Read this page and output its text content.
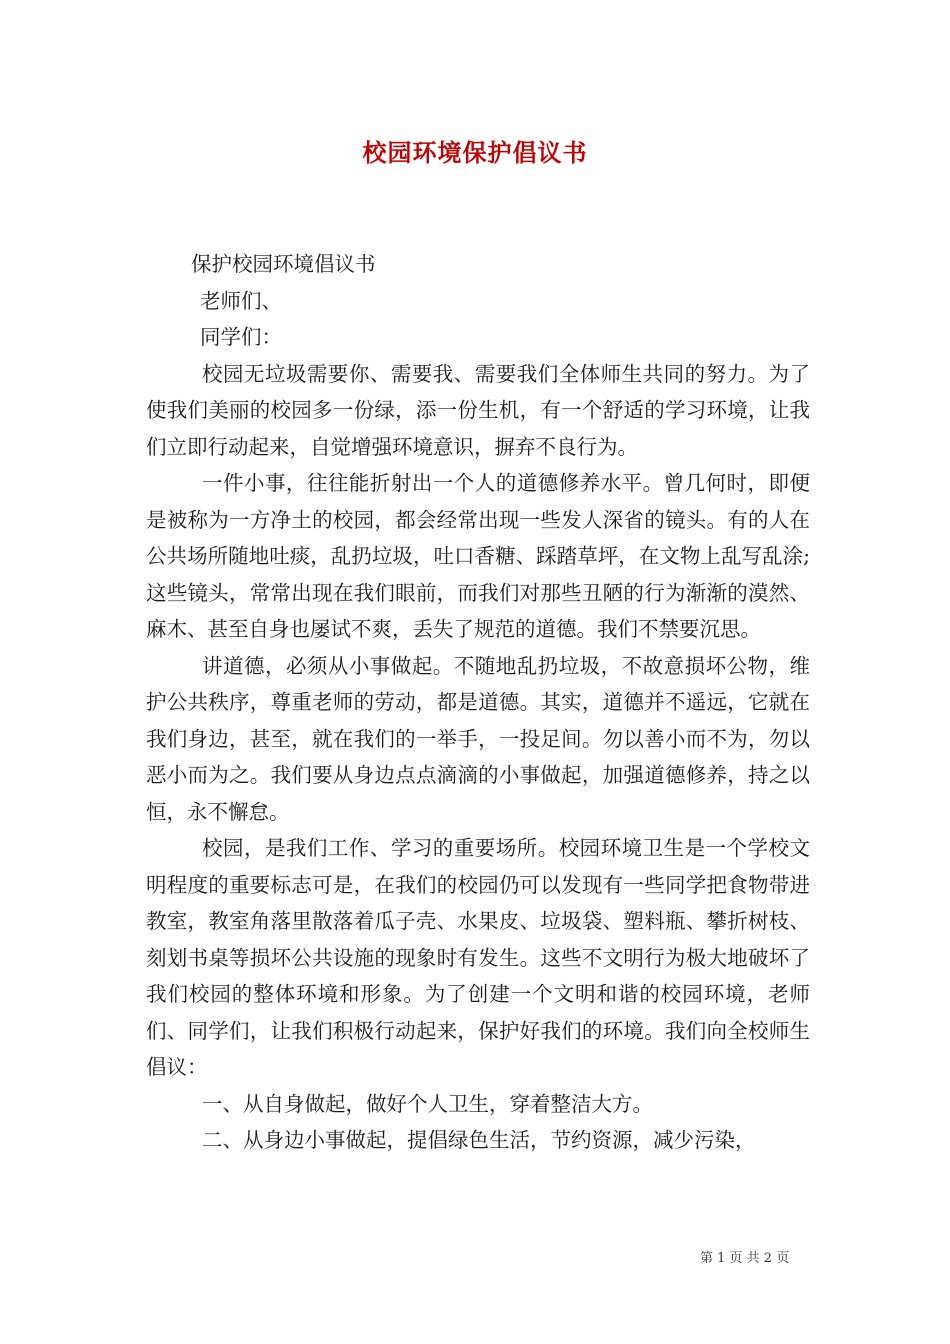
校园环境保护倡议书

保护校园环境倡议书

老师们、

同学们：

校园无垃圾需要你、需要我、需要我们全体师生共同的努力。为了使我们美丽的校园多一份绿，添一份生机，有一个舒适的学习环境，让我们立即行动起来，自觉增强环境意识，摒弃不良行为。

一件小事，往往能折射出一个人的道德修养水平。曾几何时，即便是被称为一方净土的校园，都会经常出现一些发人深省的镜头。有的人在公共场所随地吐痰，乱扔垃圾，吐口香糖、踩踏草坪，在文物上乱写乱涂;这些镜头，常常出现在我们眼前，而我们对那些丑陋的行为渐渐的漠然、麻木、甚至自身也屡试不爽，丢失了规范的道德。我们不禁要沉思。

讲道德，必须从小事做起。不随地乱扔垃圾，不故意损坏公物，维护公共秩序，尊重老师的劳动，都是道德。其实，道德并不遥远，它就在我们身边，甚至，就在我们的一举手，一投足间。勿以善小而不为，勿以恶小而为之。我们要从身边点点滴滴的小事做起，加强道德修养，持之以恒，永不懈怠。

校园，是我们工作、学习的重要场所。校园环境卫生是一个学校文明程度的重要标志可是，在我们的校园仍可以发现有一些同学把食物带进教室，教室角落里散落着瓜子壳、水果皮、垃圾袋、塑料瓶、攀折树枝、刻划书桌等损坏公共设施的现象时有发生。这些不文明行为极大地破坏了我们校园的整体环境和形象。为了创建一个文明和谐的校园环境，老师们、同学们，让我们积极行动起来，保护好我们的环境。我们向全校师生倡议：

一、从自身做起，做好个人卫生，穿着整洁大方。

二、从身边小事做起，提倡绿色生活，节约资源，减少污染，

第 1 页 共 2 页
